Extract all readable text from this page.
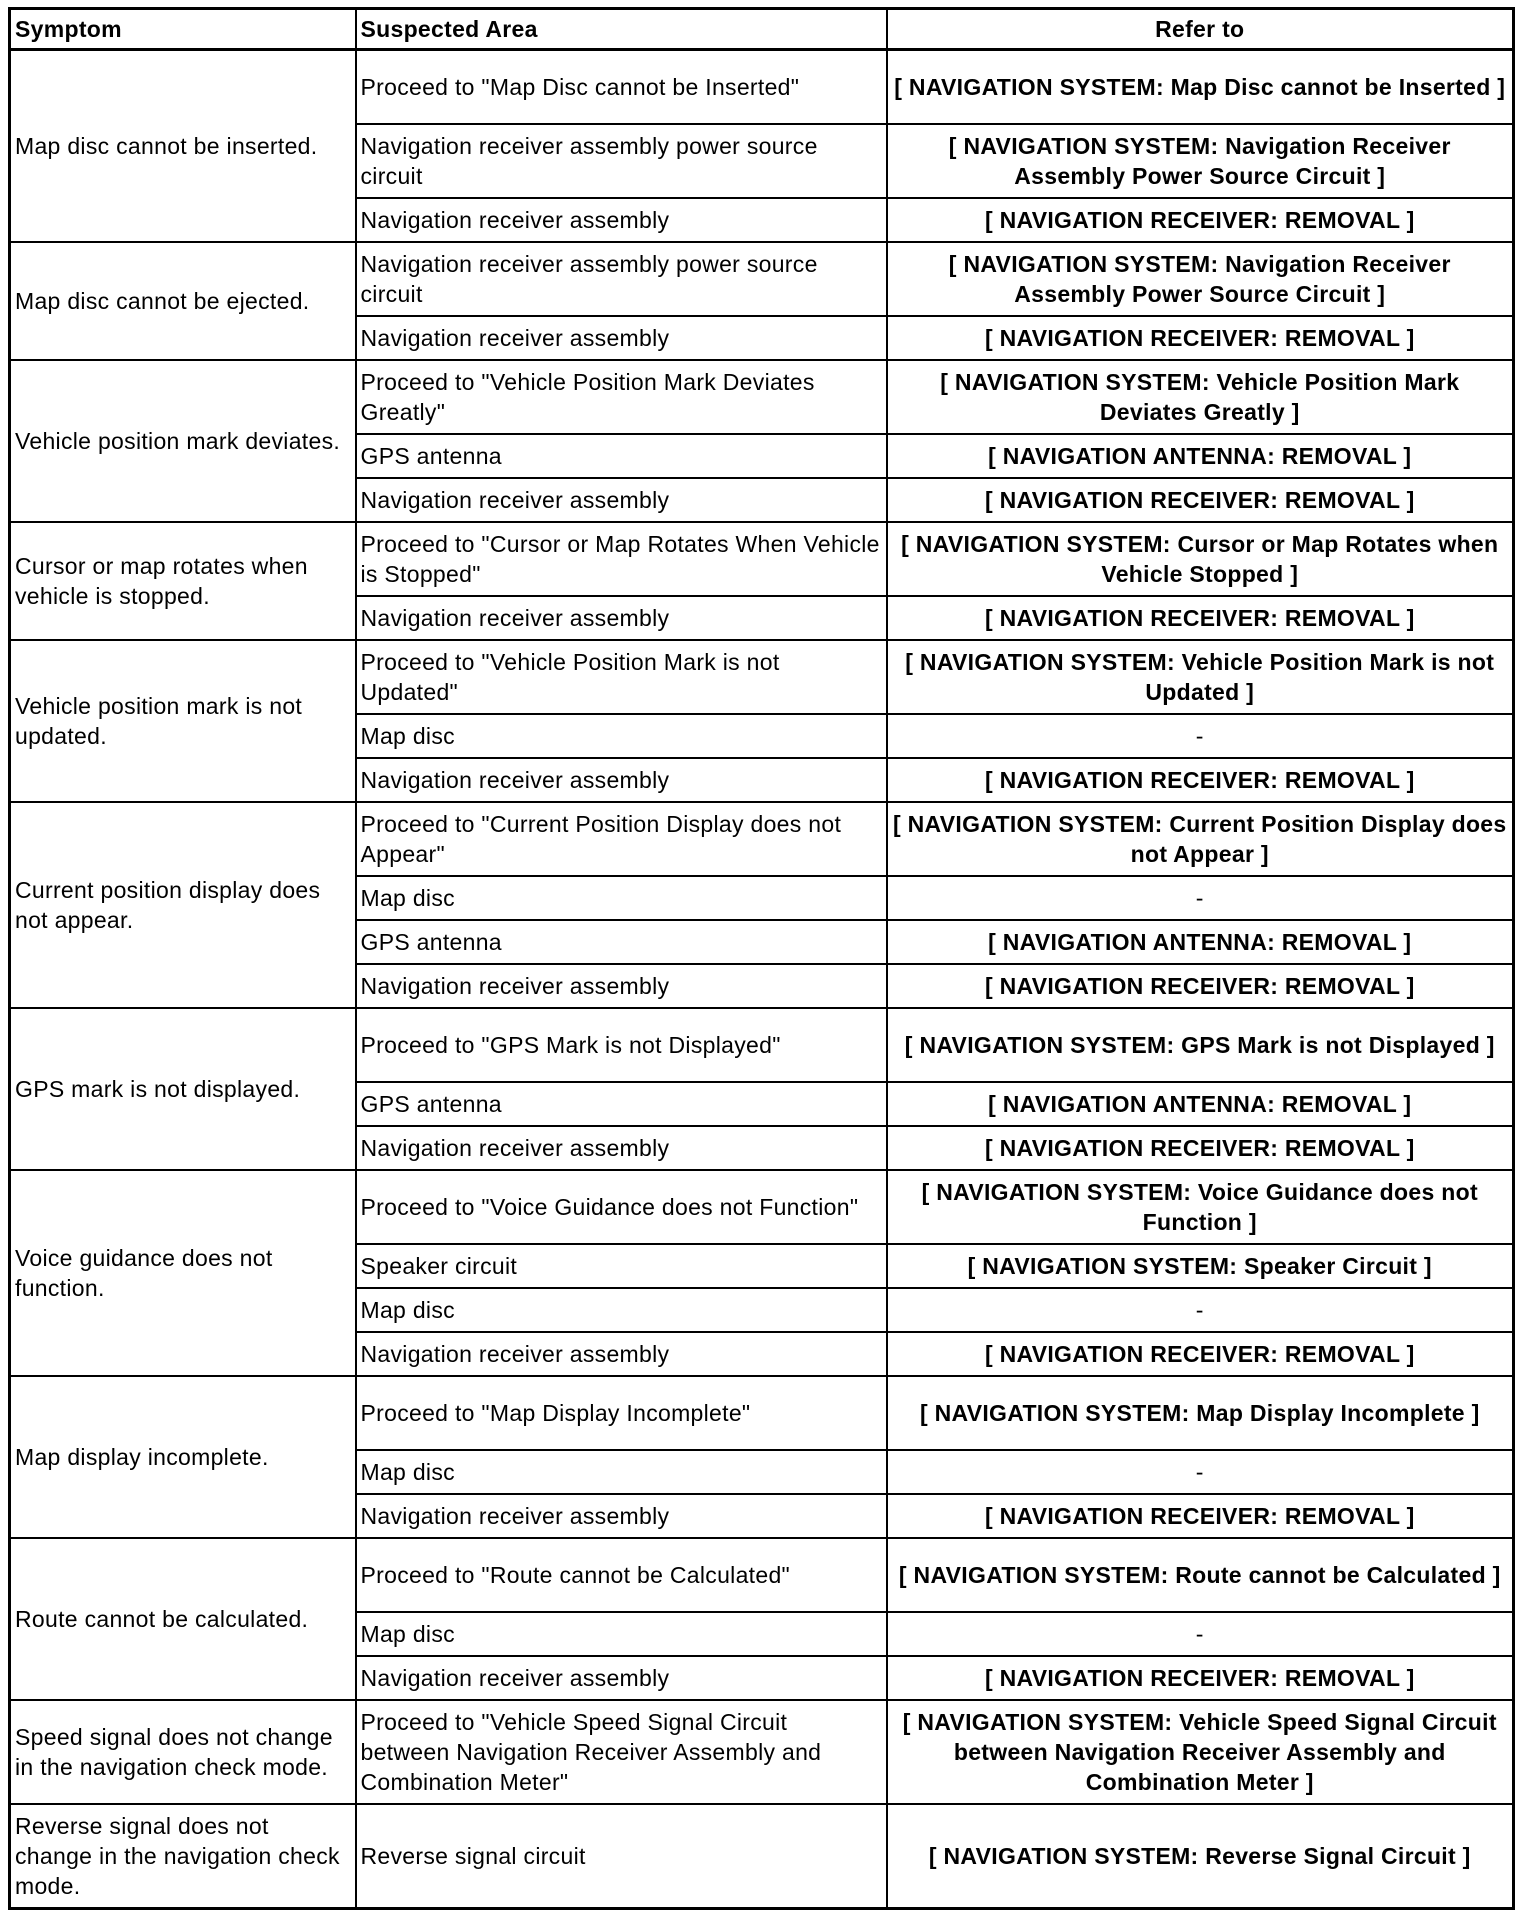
Symptom	Suspected Area	Refer to
Map disc cannot be inserted.	Proceed to "Map Disc cannot be Inserted"	[ NAVIGATION SYSTEM: Map Disc cannot be Inserted ]
	Navigation receiver assembly power source circuit	[ NAVIGATION SYSTEM: Navigation Receiver Assembly Power Source Circuit ]
	Navigation receiver assembly	[ NAVIGATION RECEIVER: REMOVAL ]
Map disc cannot be ejected.	Navigation receiver assembly power source circuit	[ NAVIGATION SYSTEM: Navigation Receiver Assembly Power Source Circuit ]
	Navigation receiver assembly	[ NAVIGATION RECEIVER: REMOVAL ]
Vehicle position mark deviates.	Proceed to "Vehicle Position Mark Deviates Greatly"	[ NAVIGATION SYSTEM: Vehicle Position Mark Deviates Greatly ]
	GPS antenna	[ NAVIGATION ANTENNA: REMOVAL ]
	Navigation receiver assembly	[ NAVIGATION RECEIVER: REMOVAL ]
Cursor or map rotates when vehicle is stopped.	Proceed to "Cursor or Map Rotates When Vehicle is Stopped"	[ NAVIGATION SYSTEM: Cursor or Map Rotates when Vehicle Stopped ]
	Navigation receiver assembly	[ NAVIGATION RECEIVER: REMOVAL ]
Vehicle position mark is not updated.	Proceed to "Vehicle Position Mark is not Updated"	[ NAVIGATION SYSTEM: Vehicle Position Mark is not Updated ]
	Map disc	-
	Navigation receiver assembly	[ NAVIGATION RECEIVER: REMOVAL ]
Current position display does not appear.	Proceed to "Current Position Display does not Appear"	[ NAVIGATION SYSTEM: Current Position Display does not Appear ]
	Map disc	-
	GPS antenna	[ NAVIGATION ANTENNA: REMOVAL ]
	Navigation receiver assembly	[ NAVIGATION RECEIVER: REMOVAL ]
GPS mark is not displayed.	Proceed to "GPS Mark is not Displayed"	[ NAVIGATION SYSTEM: GPS Mark is not Displayed ]
	GPS antenna	[ NAVIGATION ANTENNA: REMOVAL ]
	Navigation receiver assembly	[ NAVIGATION RECEIVER: REMOVAL ]
Voice guidance does not function.	Proceed to "Voice Guidance does not Function"	[ NAVIGATION SYSTEM: Voice Guidance does not Function ]
	Speaker circuit	[ NAVIGATION SYSTEM: Speaker Circuit ]
	Map disc	-
	Navigation receiver assembly	[ NAVIGATION RECEIVER: REMOVAL ]
Map display incomplete.	Proceed to "Map Display Incomplete"	[ NAVIGATION SYSTEM: Map Display Incomplete ]
	Map disc	-
	Navigation receiver assembly	[ NAVIGATION RECEIVER: REMOVAL ]
Route cannot be calculated.	Proceed to "Route cannot be Calculated"	[ NAVIGATION SYSTEM: Route cannot be Calculated ]
	Map disc	-
	Navigation receiver assembly	[ NAVIGATION RECEIVER: REMOVAL ]
Speed signal does not change in the navigation check mode.	Proceed to "Vehicle Speed Signal Circuit between Navigation Receiver Assembly and Combination Meter"	[ NAVIGATION SYSTEM: Vehicle Speed Signal Circuit between Navigation Receiver Assembly and Combination Meter ]
Reverse signal does not change in the navigation check mode.	Reverse signal circuit	[ NAVIGATION SYSTEM: Reverse Signal Circuit ]
